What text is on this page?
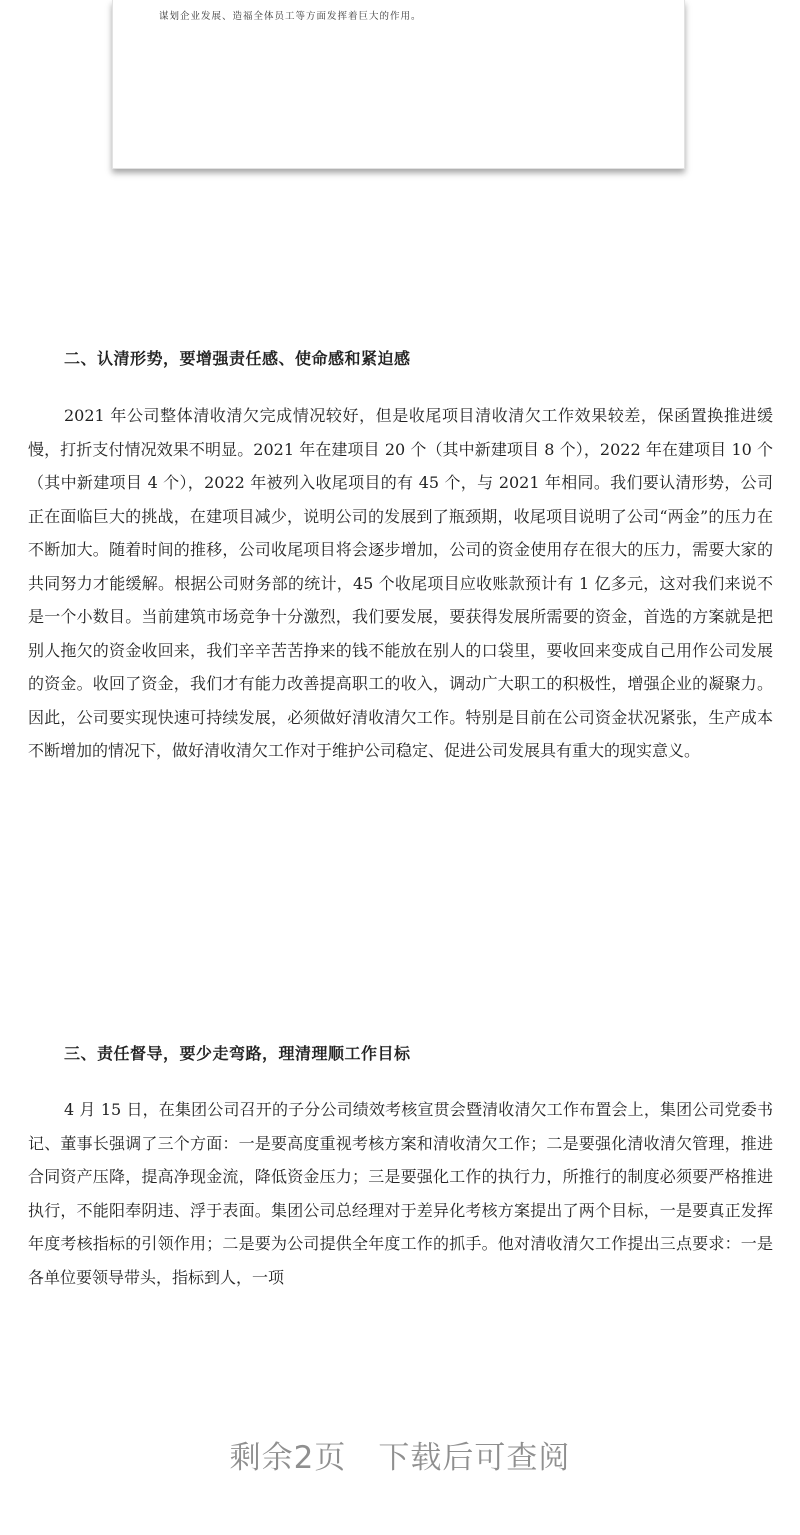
谋划企业发展、造福全体员工等方面发挥着巨大的作用。
二、认清形势，要增强责任感、使命感和紧迫感

2021 年公司整体清收清欠完成情况较好，但是收尾项目清收清欠工作效果较差，保函置换推进缓慢，打折支付情况效果不明显。2021 年在建项目 20 个（其中新建项目 8 个），2022 年在建项目 10 个（其中新建项目 4 个），2022 年被列入收尾项目的有 45 个，与 2021 年相同。我们要认清形势，公司正在面临巨大的挑战，在建项目减少，说明公司的发展到了瓶颈期，收尾项目说明了公司“两金”的压力在不断加大。随着时间的推移，公司收尾项目将会逐步增加，公司的资金使用存在很大的压力，需要大家的共同努力才能缓解。根据公司财务部的统计，45 个收尾项目应收账款预计有 1 亿多元，这对我们来说不是一个小数目。当前建筑市场竞争十分激烈，我们要发展，要获得发展所需要的资金，首选的方案就是把别人拖欠的资金收回来，我们辛辛苦苦挣来的钱不能放在别人的口袋里，要收回来变成自己用作公司发展的资金。收回了资金，我们才有能力改善提高职工的收入，调动广大职工的积极性，增强企业的凝聚力。因此，公司要实现快速可持续发展，必须做好清收清欠工作。特别是目前在公司资金状况紧张，生产成本不断增加的情况下，做好清收清欠工作对于维护公司稳定、促进公司发展具有重大的现实意义。

三、责任督导，要少走弯路，理清理顺工作目标

4 月 15 日，在集团公司召开的子分公司绩效考核宣贯会暨清收清欠工作布置会上，集团公司党委书记、董事长强调了三个方面：一是要高度重视考核方案和清收清欠工作；二是要强化清收清欠管理，推进合同资产压降，提高净现金流，降低资金压力；三是要强化工作的执行力，所推行的制度必须要严格推进执行，不能阳奉阴违、浮于表面。集团公司总经理对于差异化考核方案提出了两个目标，一是要真正发挥年度考核指标的引领作用；二是要为公司提供全年度工作的抓手。他对清收清欠工作提出三点要求：一是各单位要领导带头，指标到人，一项

剩余2页 下载后可查阅
